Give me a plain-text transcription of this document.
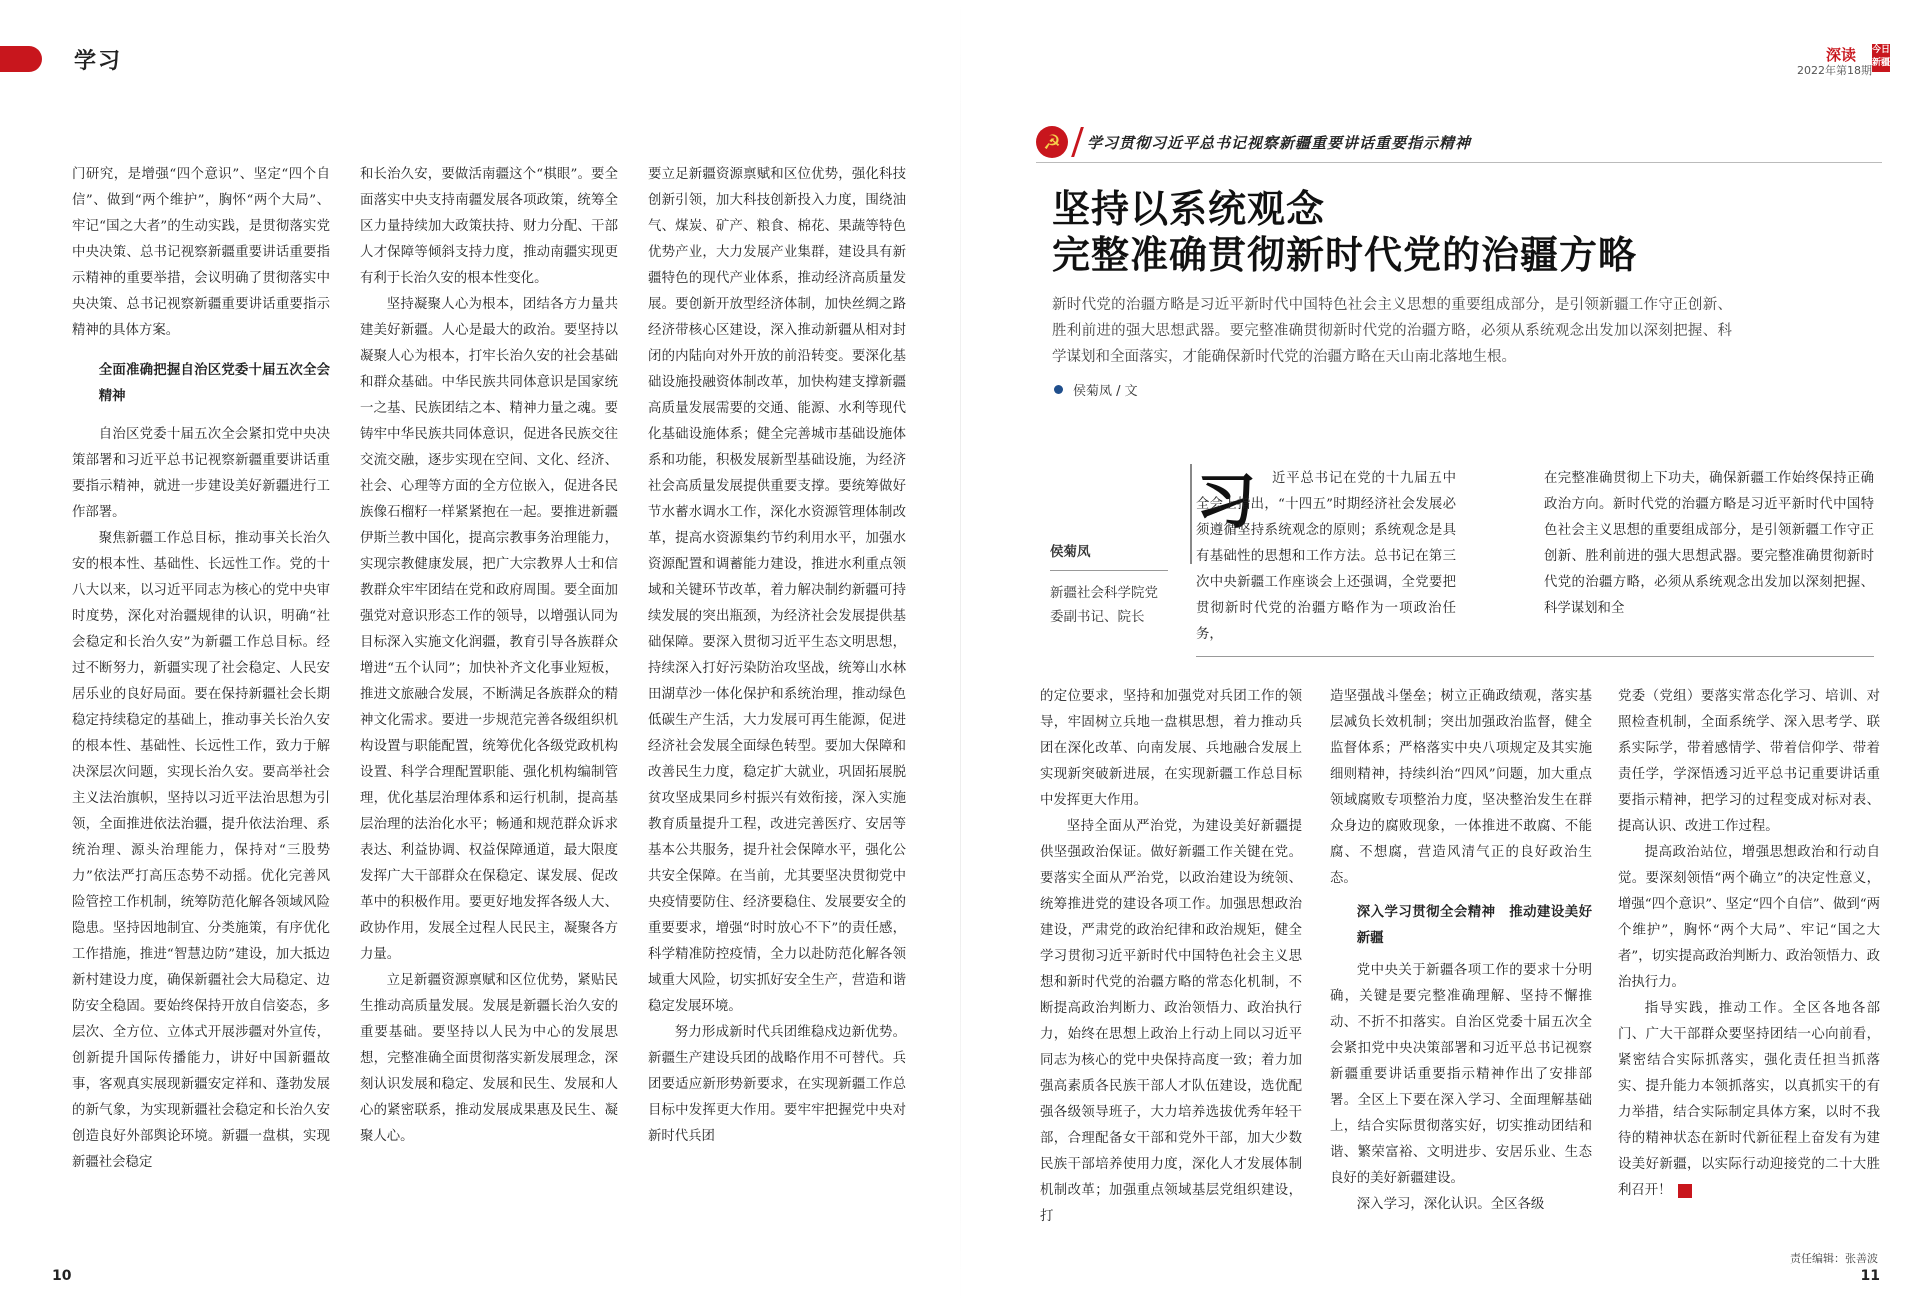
学习	深读
2022年第18期
今日 新疆

门研究，是增强“四个意识”、坚定“四个自信”、做到“两个维护”，胸怀“两个大局”、牢记“国之大者”的生动实践，是贯彻落实党中央决策、总书记视察新疆重要讲话重要指示精神的重要举措，会议明确了贯彻落实中央决策、总书记视察新疆重要讲话重要指示精神的具体方案。

全面准确把握自治区党委十届五次全会精神

自治区党委十届五次全会紧扣党中央决策部署和习近平总书记视察新疆重要讲话重要指示精神，就进一步建设美好新疆进行工作部署。

聚焦新疆工作总目标，推动事关长治久安的根本性、基础性、长远性工作。党的十八大以来，以习近平同志为核心的党中央审时度势，深化对治疆规律的认识，明确“社会稳定和长治久安”为新疆工作总目标。经过不断努力，新疆实现了社会稳定、人民安居乐业的良好局面。要在保持新疆社会长期稳定持续稳定的基础上，推动事关长治久安的根本性、基础性、长远性工作，致力于解决深层次问题，实现长治久安。要高举社会主义法治旗帜，坚持以习近平法治思想为引领，全面推进依法治疆，提升依法治理、系统治理、源头治理能力，保持对“三股势力”依法严打高压态势不动摇。优化完善风险管控工作机制，统筹防范化解各领域风险隐患。坚持因地制宜、分类施策，有序优化工作措施，推进“智慧边防”建设，加大抵边新村建设力度，确保新疆社会大局稳定、边防安全稳固。要始终保持开放自信姿态，多层次、全方位、立体式开展涉疆对外宣传，创新提升国际传播能力，讲好中国新疆故事，客观真实展现新疆安定祥和、蓬勃发展的新气象，为实现新疆社会稳定和长治久安创造良好外部舆论环境。新疆一盘棋，实现新疆社会稳定

和长治久安，要做活南疆这个“棋眼”。要全面落实中央支持南疆发展各项政策，统筹全区力量持续加大政策扶持、财力分配、干部人才保障等倾斜支持力度，推动南疆实现更有利于长治久安的根本性变化。

坚持凝聚人心为根本，团结各方力量共建美好新疆。人心是最大的政治。要坚持以凝聚人心为根本，打牢长治久安的社会基础和群众基础。中华民族共同体意识是国家统一之基、民族团结之本、精神力量之魂。要铸牢中华民族共同体意识，促进各民族交往交流交融，逐步实现在空间、文化、经济、社会、心理等方面的全方位嵌入，促进各民族像石榴籽一样紧紧抱在一起。要推进新疆伊斯兰教中国化，提高宗教事务治理能力，实现宗教健康发展，把广大宗教界人士和信教群众牢牢团结在党和政府周围。要全面加强党对意识形态工作的领导，以增强认同为目标深入实施文化润疆，教育引导各族群众增进“五个认同”；加快补齐文化事业短板，推进文旅融合发展，不断满足各族群众的精神文化需求。要进一步规范完善各级组织机构设置与职能配置，统筹优化各级党政机构设置、科学合理配置职能、强化机构编制管理，优化基层治理体系和运行机制，提高基层治理的法治化水平；畅通和规范群众诉求表达、利益协调、权益保障通道，最大限度发挥广大干部群众在保稳定、谋发展、促改革中的积极作用。要更好地发挥各级人大、政协作用，发展全过程人民民主，凝聚各方力量。

立足新疆资源禀赋和区位优势，紧贴民生推动高质量发展。发展是新疆长治久安的重要基础。要坚持以人民为中心的发展思想，完整准确全面贯彻落实新发展理念，深刻认识发展和稳定、发展和民生、发展和人心的紧密联系，推动发展成果惠及民生、凝聚人心。

要立足新疆资源禀赋和区位优势，强化科技创新引领，加大科技创新投入力度，围绕油气、煤炭、矿产、粮食、棉花、果蔬等特色优势产业，大力发展产业集群，建设具有新疆特色的现代产业体系，推动经济高质量发展。要创新开放型经济体制，加快丝绸之路经济带核心区建设，深入推动新疆从相对封闭的内陆向对外开放的前沿转变。要深化基础设施投融资体制改革，加快构建支撑新疆高质量发展需要的交通、能源、水利等现代化基础设施体系；健全完善城市基础设施体系和功能，积极发展新型基础设施，为经济社会高质量发展提供重要支撑。要统筹做好节水蓄水调水工作，深化水资源管理体制改革，提高水资源集约节约利用水平，加强水资源配置和调蓄能力建设，推进水利重点领域和关键环节改革，着力解决制约新疆可持续发展的突出瓶颈，为经济社会发展提供基础保障。要深入贯彻习近平生态文明思想，持续深入打好污染防治攻坚战，统筹山水林田湖草沙一体化保护和系统治理，推动绿色低碳生产生活，大力发展可再生能源，促进经济社会发展全面绿色转型。要加大保障和改善民生力度，稳定扩大就业，巩固拓展脱贫攻坚成果同乡村振兴有效衔接，深入实施教育质量提升工程，改进完善医疗、安居等基本公共服务，提升社会保障水平，强化公共安全保障。在当前，尤其要坚决贯彻党中央疫情要防住、经济要稳住、发展要安全的重要要求，增强“时时放心不下”的责任感，科学精准防控疫情，全力以赴防范化解各领域重大风险，切实抓好安全生产，营造和谐稳定发展环境。

努力形成新时代兵团维稳戍边新优势。新疆生产建设兵团的战略作用不可替代。兵团要适应新形势新要求，在实现新疆工作总目标中发挥更大作用。要牢牢把握党中央对新时代兵团

☭	学习贯彻习近平总书记视察新疆重要讲话重要指示精神
坚持以系统观念
完整准确贯彻新时代党的治疆方略
新时代党的治疆方略是习近平新时代中国特色社会主义思想的重要组成部分，是引领新疆工作守正创新、胜利前进的强大思想武器。要完整准确贯彻新时代党的治疆方略，必须从系统观念出发加以深刻把握、科学谋划和全面落实，才能确保新时代党的治疆方略在天山南北落地生根。
侯菊凤 / 文
侯菊凤
新疆社会科学院党委副书记、院长
习	近平总书记在党的十九届五中全会上指出，“十四五”时期经济社会发展必须遵循坚持系统观念的原则；系统观念是具有基础性的思想和工作方法。总书记在第三次中央新疆工作座谈会上还强调，全党要把贯彻新时代党的治疆方略作为一项政治任务，
在完整准确贯彻上下功夫，确保新疆工作始终保持正确政治方向。新时代党的治疆方略是习近平新时代中国特色社会主义思想的重要组成部分，是引领新疆工作守正创新、胜利前进的强大思想武器。要完整准确贯彻新时代党的治疆方略，必须从系统观念出发加以深刻把握、科学谋划和全

的定位要求，坚持和加强党对兵团工作的领导，牢固树立兵地一盘棋思想，着力推动兵团在深化改革、向南发展、兵地融合发展上实现新突破新进展，在实现新疆工作总目标中发挥更大作用。

坚持全面从严治党，为建设美好新疆提供坚强政治保证。做好新疆工作关键在党。要落实全面从严治党，以政治建设为统领、统筹推进党的建设各项工作。加强思想政治建设，严肃党的政治纪律和政治规矩，健全学习贯彻习近平新时代中国特色社会主义思想和新时代党的治疆方略的常态化机制，不断提高政治判断力、政治领悟力、政治执行力，始终在思想上政治上行动上同以习近平同志为核心的党中央保持高度一致；着力加强高素质各民族干部人才队伍建设，选优配强各级领导班子，大力培养选拔优秀年轻干部，合理配备女干部和党外干部，加大少数民族干部培养使用力度，深化人才发展体制机制改革；加强重点领域基层党组织建设，打

造坚强战斗堡垒；树立正确政绩观，落实基层减负长效机制；突出加强政治监督，健全监督体系；严格落实中央八项规定及其实施细则精神，持续纠治“四风”问题，加大重点领域腐败专项整治力度，坚决整治发生在群众身边的腐败现象，一体推进不敢腐、不能腐、不想腐，营造风清气正的良好政治生态。

深入学习贯彻全会精神　推动建设美好新疆

党中央关于新疆各项工作的要求十分明确，关键是要完整准确理解、坚持不懈推动、不折不扣落实。自治区党委十届五次全会紧扣党中央决策部署和习近平总书记视察新疆重要讲话重要指示精神作出了安排部署。全区上下要在深入学习、全面理解基础上，结合实际贯彻落实好，切实推动团结和谐、繁荣富裕、文明进步、安居乐业、生态良好的美好新疆建设。

深入学习，深化认识。全区各级

党委（党组）要落实常态化学习、培训、对照检查机制，全面系统学、深入思考学、联系实际学，带着感情学、带着信仰学、带着责任学，学深悟透习近平总书记重要讲话重要指示精神，把学习的过程变成对标对表、提高认识、改进工作过程。

提高政治站位，增强思想政治和行动自觉。要深刻领悟“两个确立”的决定性意义，增强“四个意识”、坚定“四个自信”、做到“两个维护”，胸怀“两个大局”、牢记“国之大者”，切实提高政治判断力、政治领悟力、政治执行力。

指导实践，推动工作。全区各地各部门、广大干部群众要坚持团结一心向前看，紧密结合实际抓落实，强化责任担当抓落实、提升能力本领抓落实，以真抓实干的有力举措，结合实际制定具体方案，以时不我待的精神状态在新时代新征程上奋发有为建设美好新疆，以实际行动迎接党的二十大胜利召开！

责任编辑：张善波
10	11
